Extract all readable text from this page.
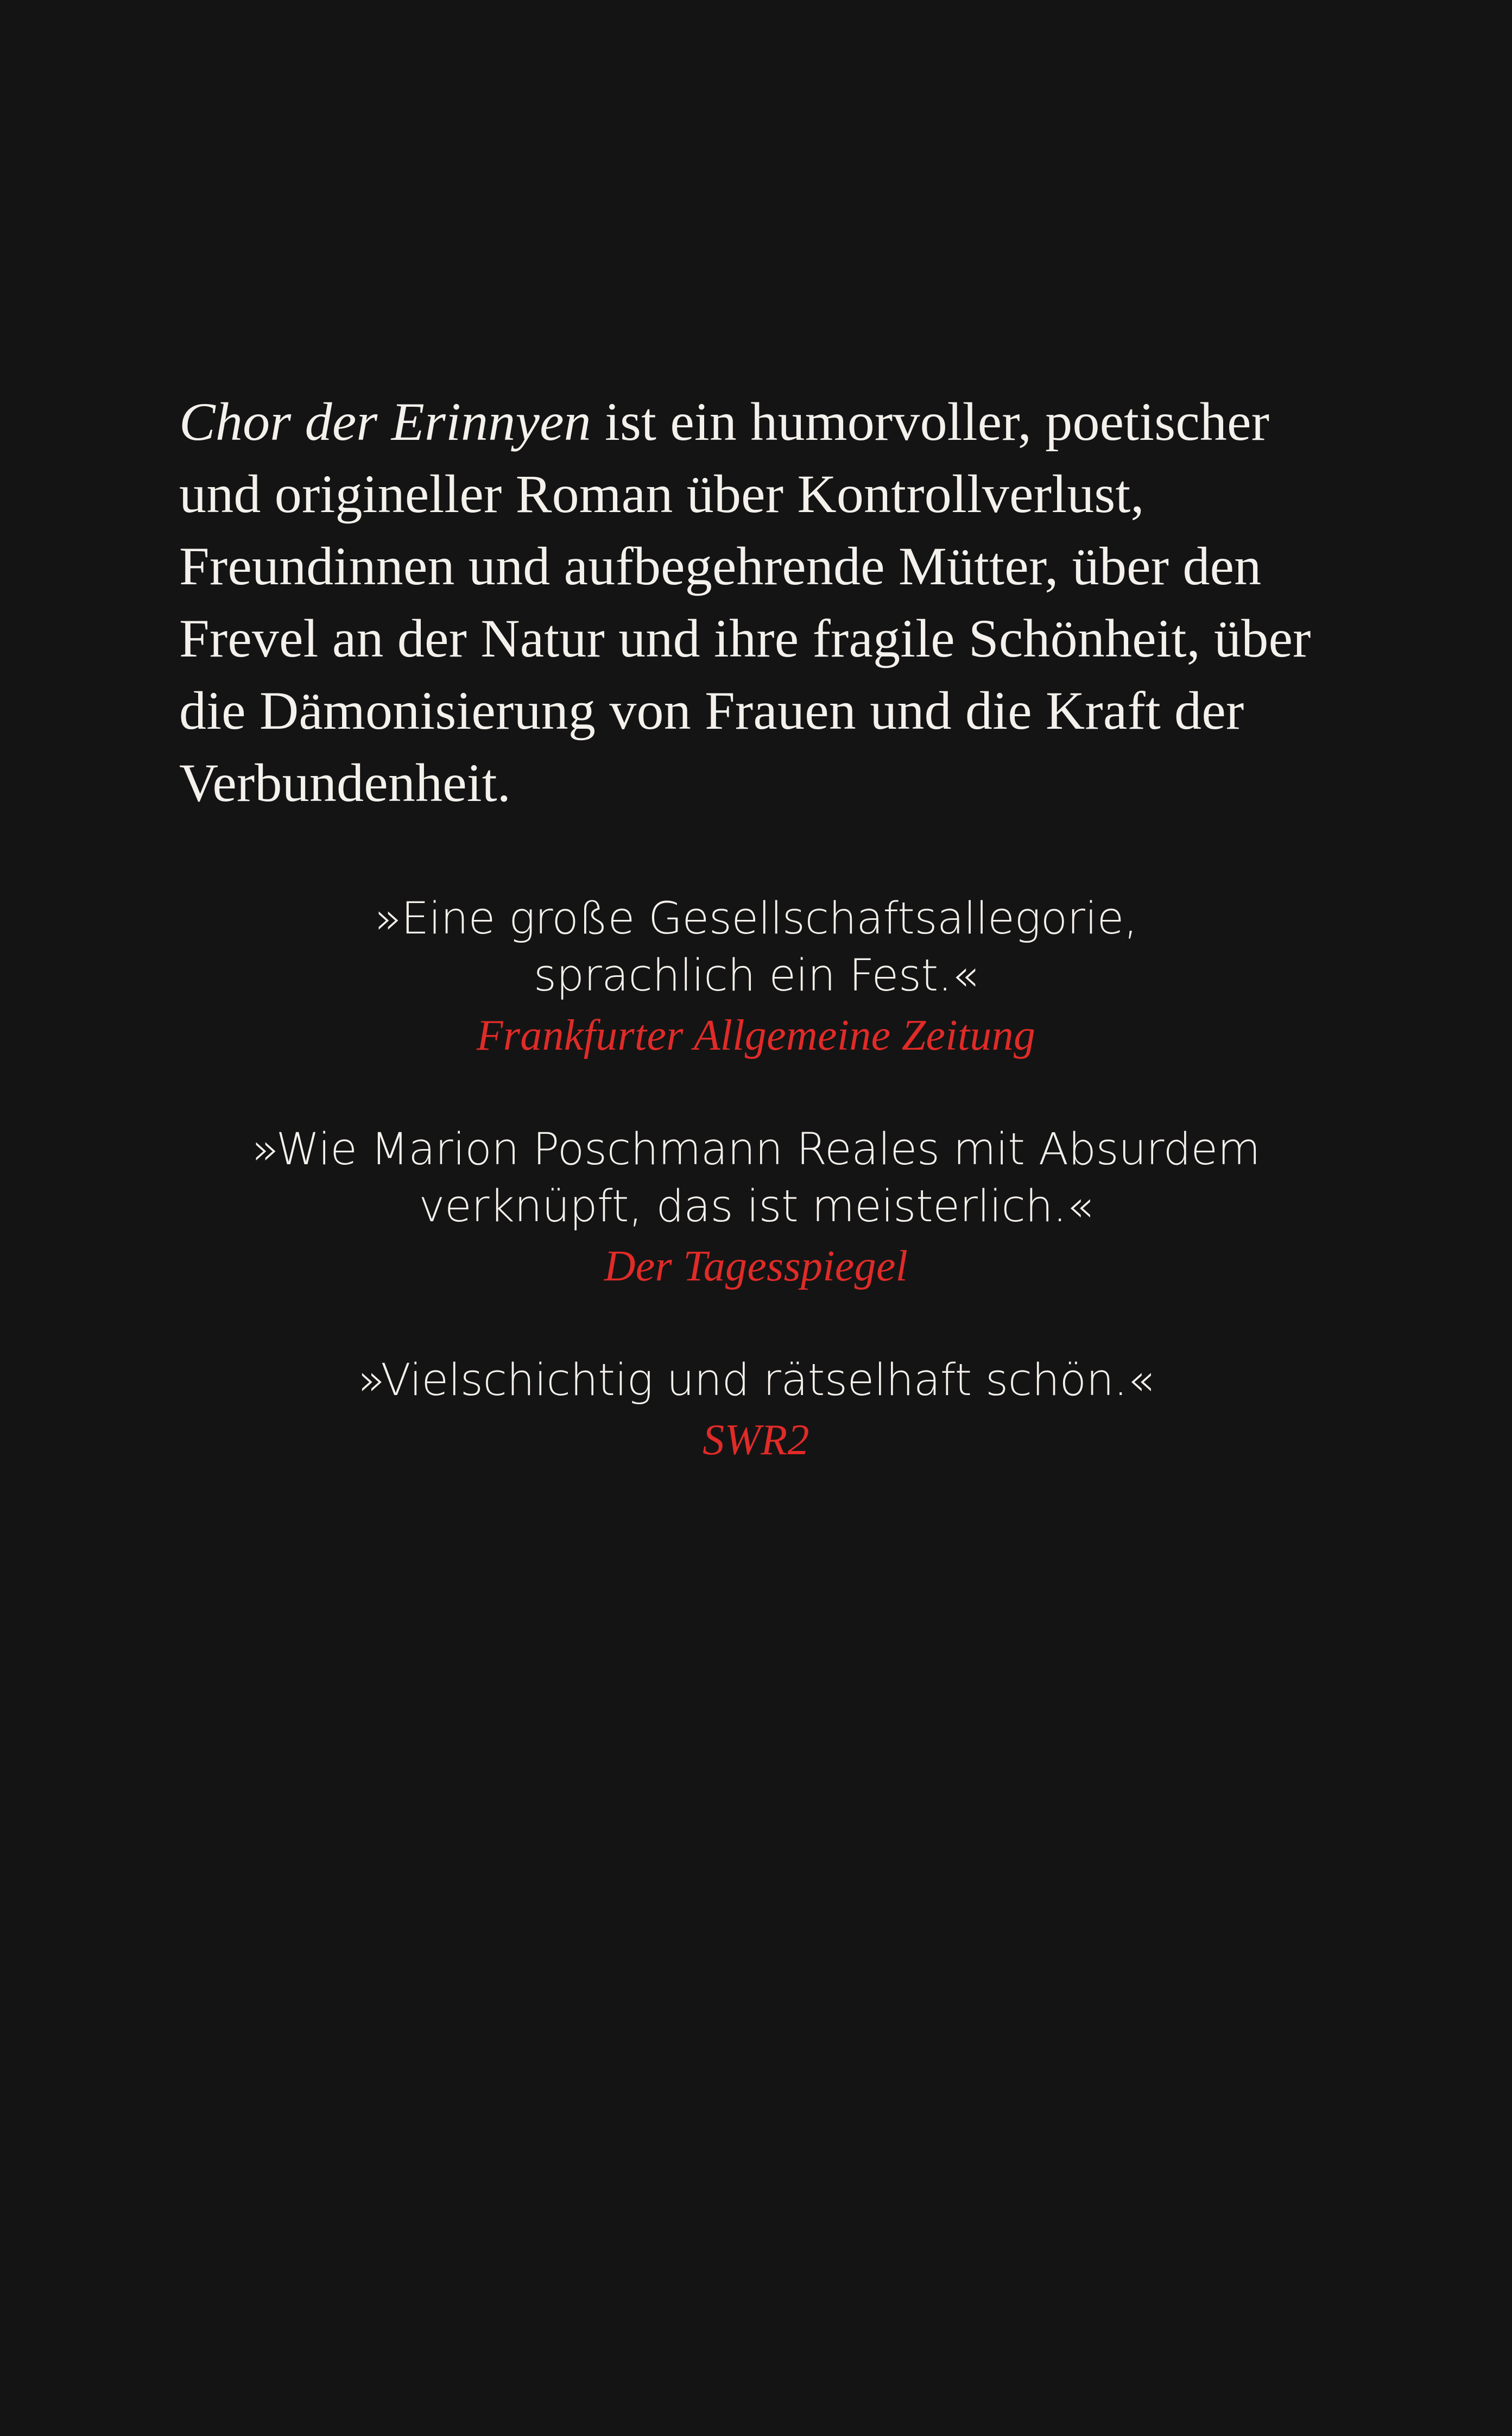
Chor der Erinnyen ist ein humorvoller, poetischer und origineller Roman über Kontrollverlust, Freundinnen und aufbegehrende Mütter, über den Frevel an der Natur und ihre fragile Schönheit, über die Dämonisierung von Frauen und die Kraft der Verbundenheit.

»Eine große Gesellschaftsallegorie,
sprachlich ein Fest.«
Frankfurter Allgemeine Zeitung
»Wie Marion Poschmann Reales mit Absurdem
verknüpft, das ist meisterlich.«
Der Tagesspiegel
»Vielschichtig und rätselhaft schön.«
SWR2
